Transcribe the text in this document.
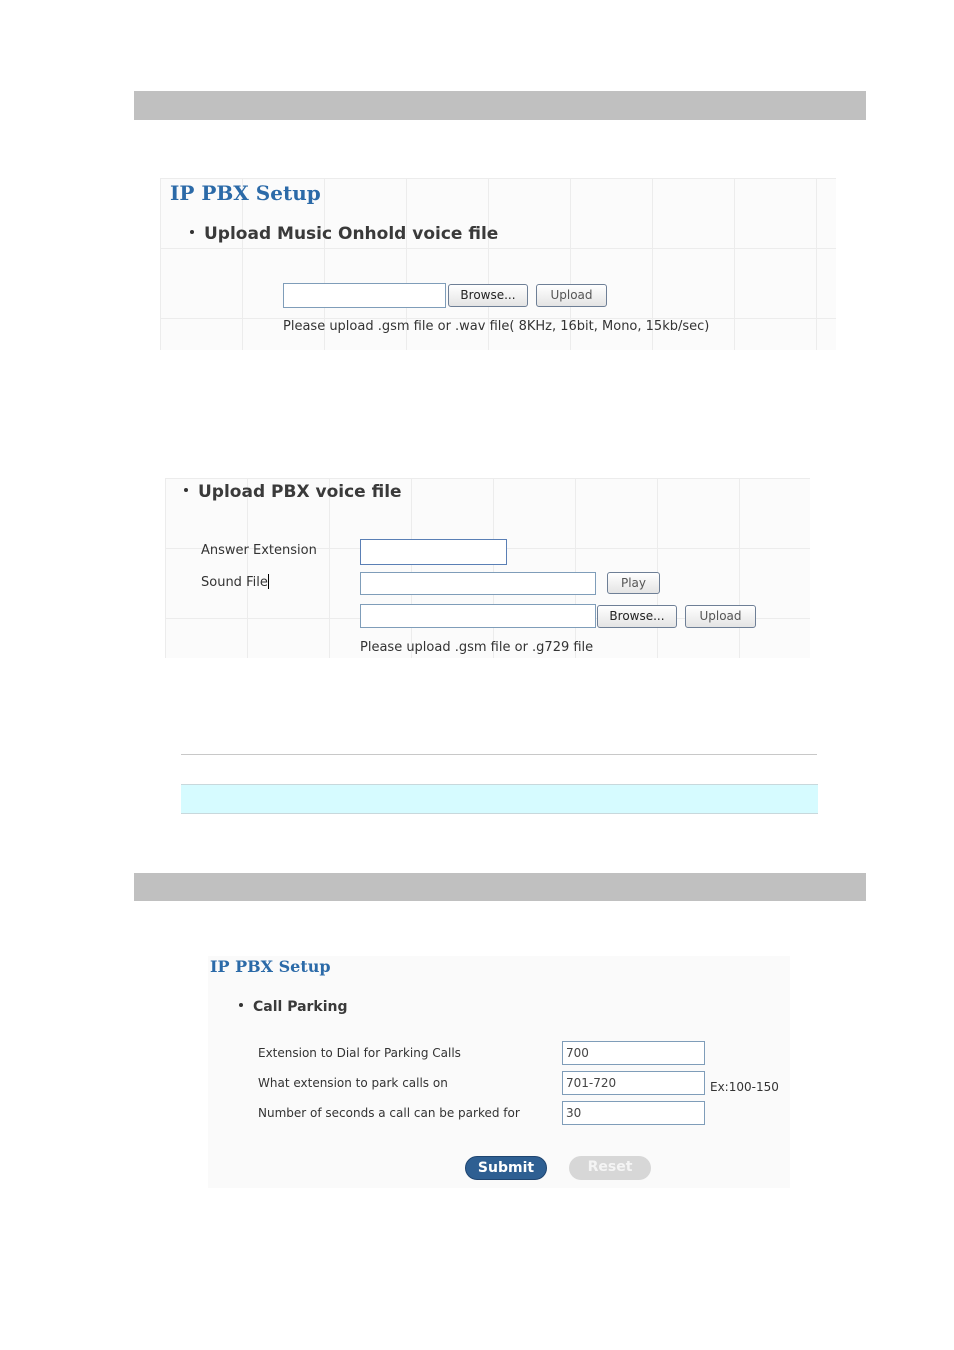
IP PBX Setup
Upload Music Onhold voice file
Browse...	Upload
Please upload .gsm file or .wav file( 8KHz, 16bit, Mono, 15kb/sec)
Upload PBX voice file
Answer Extension
Sound File	Play
Browse...	Upload
Please upload .gsm file or .g729 file
IP PBX Setup
Call Parking
Extension to Dial for Parking Calls
700
What extension to park calls on
701-720	Ex:100-150
Number of seconds a call can be parked for
30
Submit	Reset
